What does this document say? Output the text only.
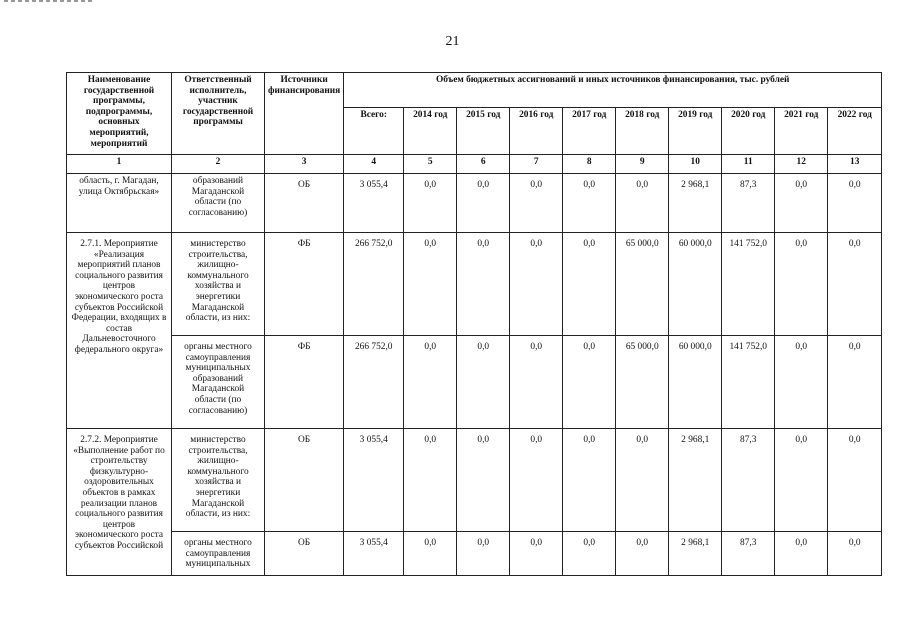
21
Наименование государственной программы, подпрограммы, основных мероприятий, мероприятий	Ответственный исполнитель, участник государственной программы	Источники финансирования	Объем бюджетных ассигнований и иных источников финансирования, тыс. рублей									
			Всего:	2014 год	2015 год	2016 год	2017 год	2018 год	2019 год	2020 год	2021 год	2022 год
1	2	3	4	5	6	7	8	9	10	11	12	13
область, г. Магадан, улица Октябрьская»	образований Магаданской области (по согласованию)	ОБ	3 055,4	0,0	0,0	0,0	0,0	0,0	2 968,1	87,3	0,0	0,0
2.7.1. Мероприятие «Реализация мероприятий планов социального развития центров экономического роста субъектов Российской Федерации, входящих в состав Дальневосточного федерального округа»	министерство строительства, жилищно-коммунального хозяйства и энергетики Магаданской области, из них:	ФБ	266 752,0	0,0	0,0	0,0	0,0	65 000,0	60 000,0	141 752,0	0,0	0,0
	органы местного самоуправления муниципальных образований Магаданской области (по согласованию)	ФБ	266 752,0	0,0	0,0	0,0	0,0	65 000,0	60 000,0	141 752,0	0,0	0,0
2.7.2. Мероприятие «Выполнение работ по строительству физкультурно-оздоровительных объектов в рамках реализации планов социального развития центров экономического роста субъектов Российской	министерство строительства, жилищно-коммунального хозяйства и энергетики Магаданской области, из них:	ОБ	3 055,4	0,0	0,0	0,0	0,0	0,0	2 968,1	87,3	0,0	0,0
	органы местного самоуправления муниципальных	ОБ	3 055,4	0,0	0,0	0,0	0,0	0,0	2 968,1	87,3	0,0	0,0
